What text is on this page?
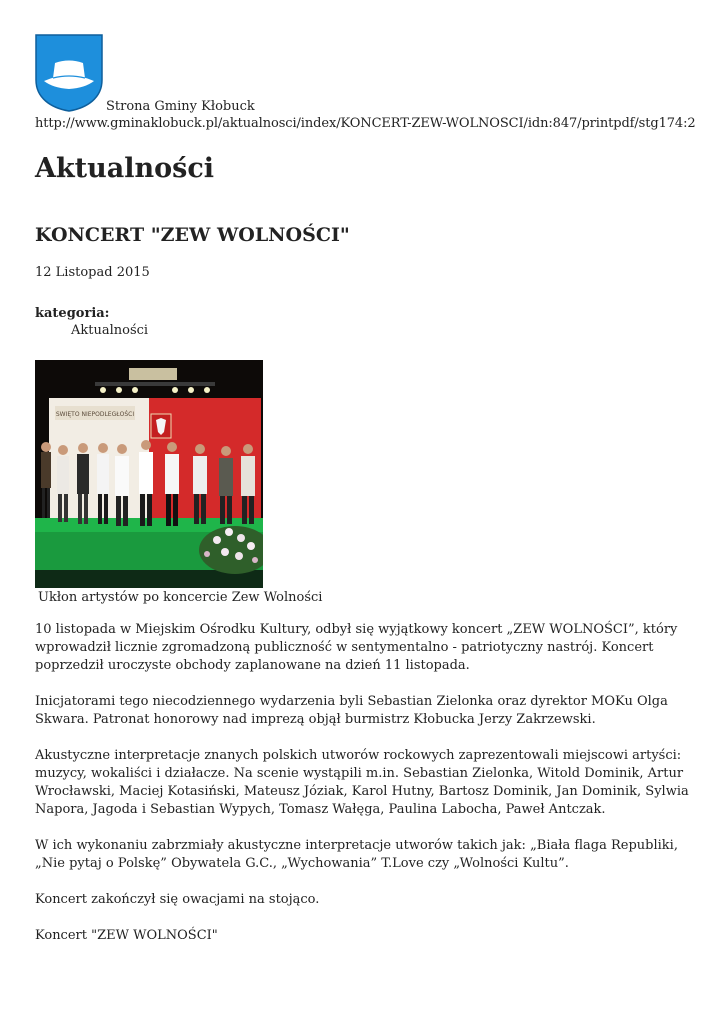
Strona Gminy Kłobuck
http://www.gminaklobuck.pl/aktualnosci/index/KONCERT-ZEW-WOLNOSCI/idn:847/printpdf/stg174:2
Aktualności
KONCERT "ZEW WOLNOŚCI"
12 Listopad 2015
kategoria:
Aktualności
SWIĘTO NIEPODLEGŁOŚCI
Ukłon artystów po koncercie Zew Wolności

10 listopada w Miejskim Ośrodku Kultury, odbył się wyjątkowy koncert „ZEW WOLNOŚCI”, który wprowadził licznie zgromadzoną publiczność w sentymentalno - patriotyczny nastrój. Koncert poprzedził uroczyste obchody zaplanowane na dzień 11 listopada.

Inicjatorami tego niecodziennego wydarzenia byli Sebastian Zielonka oraz dyrektor MOKu Olga Skwara. Patronat honorowy nad imprezą objął burmistrz Kłobucka Jerzy Zakrzewski.

Akustyczne interpretacje znanych polskich utworów rockowych zaprezentowali miejscowi artyści: muzycy, wokaliści i działacze. Na scenie wystąpili m.in. Sebastian Zielonka, Witold Dominik, Artur Wrocławski, Maciej Kotasiński, Mateusz Józiak, Karol Hutny, Bartosz Dominik, Jan Dominik, Sylwia Napora, Jagoda i Sebastian Wypych, Tomasz Wałęga, Paulina Labocha, Paweł Antczak.

W ich wykonaniu zabrzmiały akustyczne interpretacje utworów takich jak: „Biała flaga Republiki, „Nie pytaj o Polskę” Obywatela G.C., „Wychowania” T.Love czy „Wolności Kultu”.

Koncert zakończył się owacjami na stojąco.

Koncert "ZEW WOLNOŚCI"
